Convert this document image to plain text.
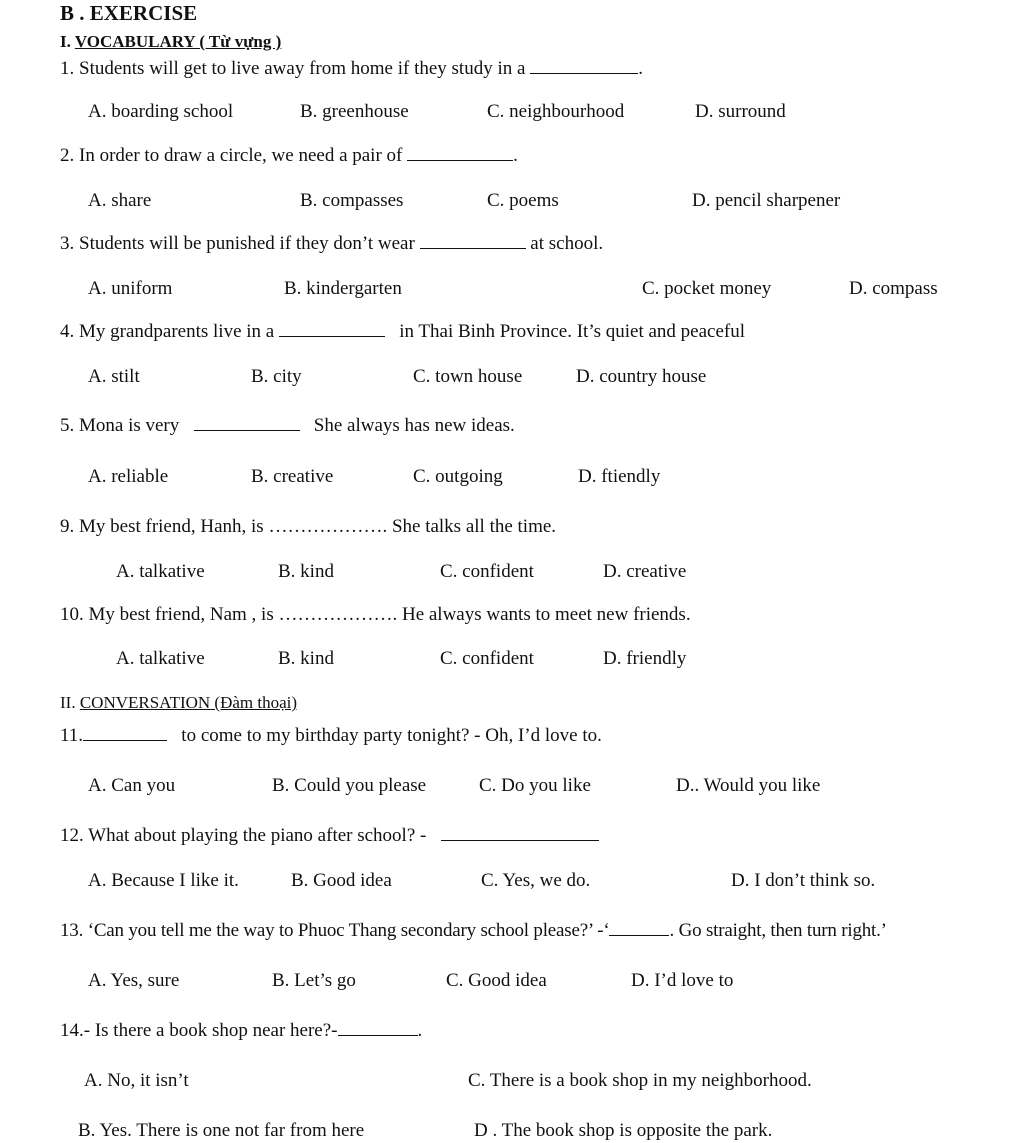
B . EXERCISE
I. VOCABULARY ( Từ vựng )
1. Students will get to live away from home if they study in a	.
A. boarding school	B. greenhouse	C. neighbourhood	D. surround
2. In order to draw a circle, we need a pair of	.
A. share	B. compasses	C. poems	D. pencil sharpener
3. Students will be punished if they don’t wear	at school.
A. uniform	B. kindergarten	C. pocket money	D. compass
4. My grandparents live in a	in Thai Binh Province. It’s quiet and peaceful
A. stilt	B. city	C. town house	D. country house
5. Mona is very	She always has new ideas.
A. reliable	B. creative	C. outgoing	D. ftiendly
9. My best friend, Hanh, is ………………. She talks all the time.
A. talkative	B. kind	C. confident	D. creative
10. My best friend, Nam , is ………………. He always wants to meet new friends.
A. talkative	B. kind	C. confident	D. friendly
II. CONVERSATION (Đàm thoại)
11.	to come to my birthday party tonight? - Oh, I’d love to.
A. Can you	B. Could you please	C. Do you like	D.. Would you like
12. What about playing the piano after school? -
A. Because I like it.	B. Good idea	C. Yes, we do.	D. I don’t think so.
13. ‘Can you tell me the way to Phuoc Thang secondary school please?’ -‘	. Go straight, then turn right.’
A. Yes, sure	B. Let’s go	C. Good idea	D. I’d love to
14.- Is there a book shop near here?-	.
A. No, it isn’t	C. There is a book shop in my neighborhood.
B. Yes. There is one not far from here	D . The book shop is opposite the park.
